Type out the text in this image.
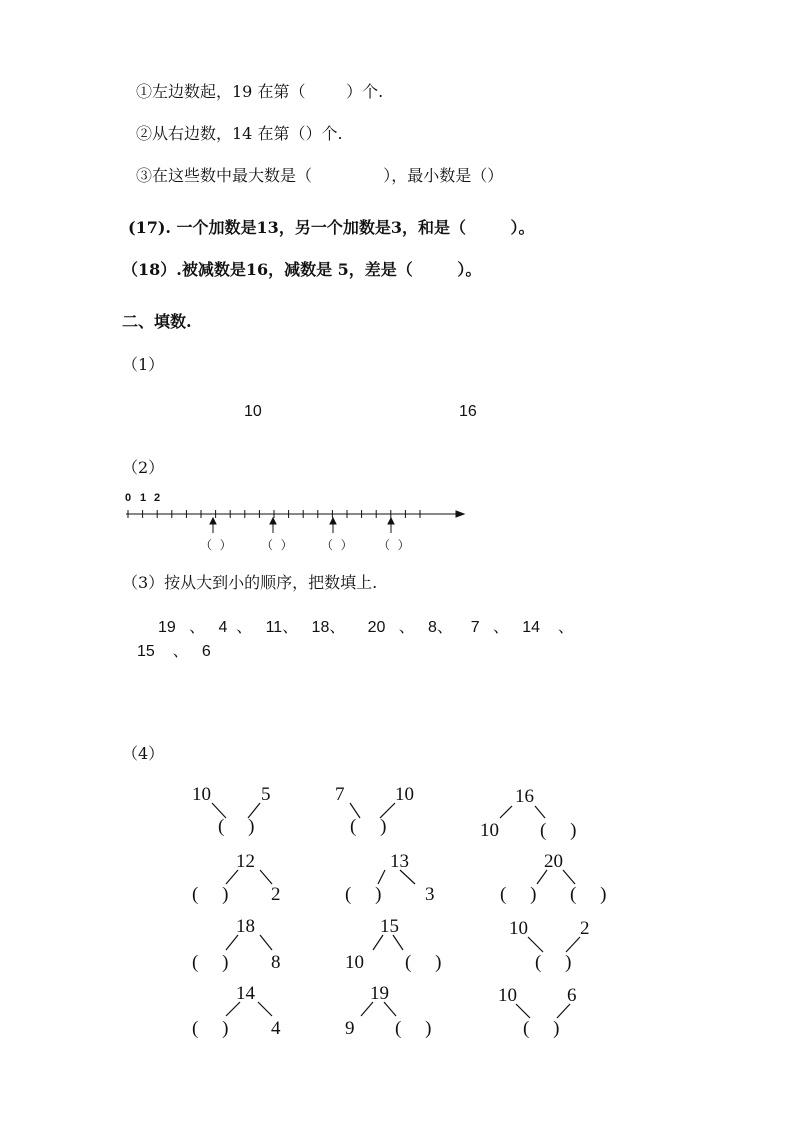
①左边数起，19 在第（        ）个.
②从右边数，14 在第（）个.
③在这些数中最大数是（              ），最小数是（）
(17). 一个加数是13，另一个加数是3，和是（        ）。
（18）.被减数是16，减数是 5，差是（        ）。
二、填数.
（1）
10	16
（2）
0 1 2
（  ） （  ） （  ） （  ）
（3）按从大到小的顺序，把数填上.
19   、   4  、   11、   18、     20   、   8、    7   、   14    、
15    、   6
（4）
10	5
(     )
7	10
(     )
16
10 (     )
12
(     ) 2
13
(     ) 3
20
(     ) (     )
18
(     ) 8
15
10 (     )
10	2
(     )
14
(     ) 4
19
9 (     )
10	6
(     )
